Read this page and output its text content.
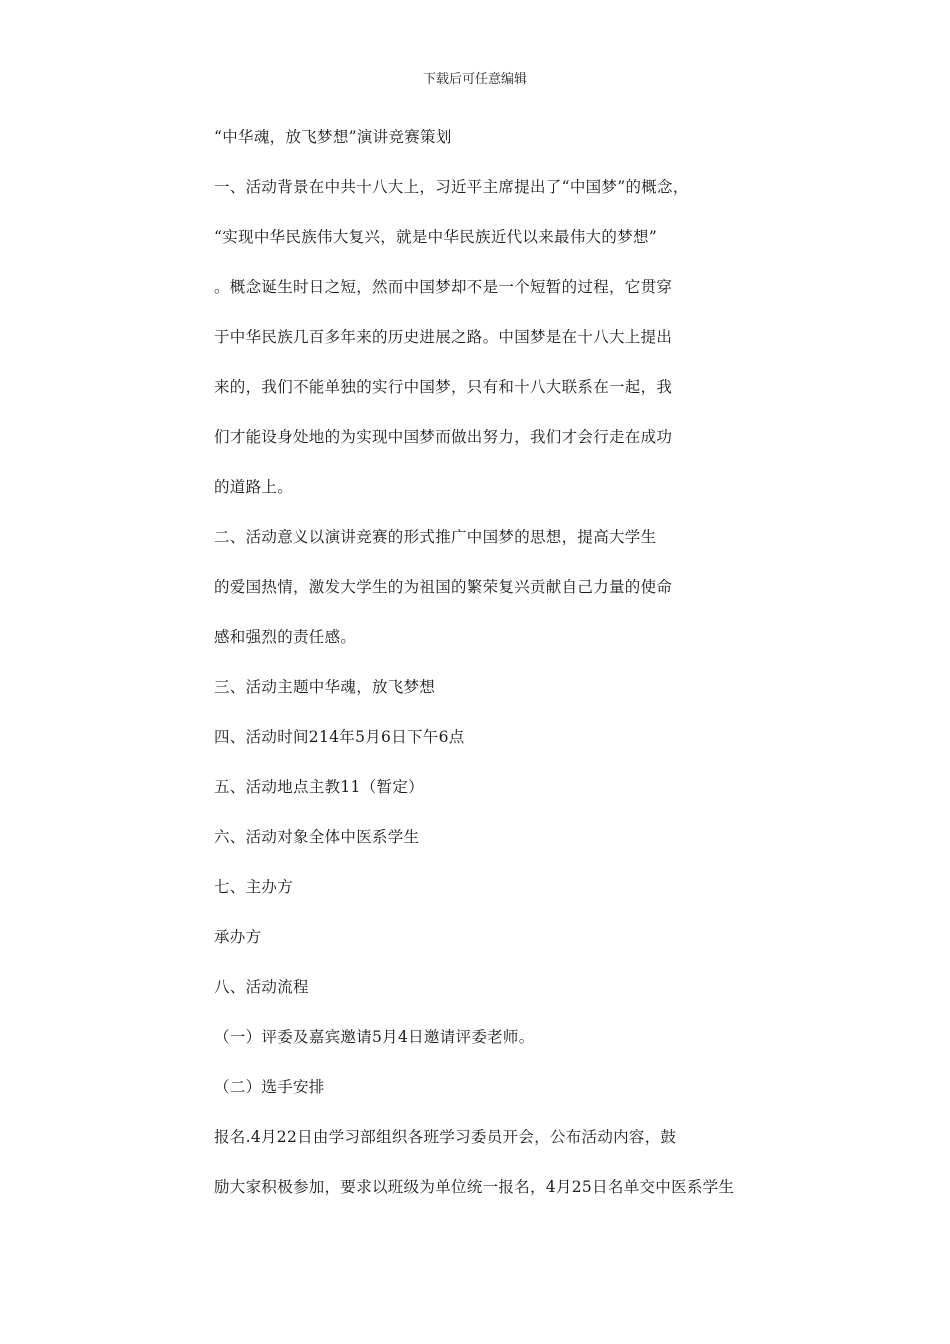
下载后可任意编辑
“中华魂，放飞梦想”演讲竞赛策划
一、活动背景在中共十八大上，习近平主席提出了“中国梦”的概念，
“实现中华民族伟大复兴，就是中华民族近代以来最伟大的梦想”
。概念诞生时日之短，然而中国梦却不是一个短暂的过程，它贯穿
于中华民族几百多年来的历史进展之路。中国梦是在十八大上提出
来的，我们不能单独的实行中国梦，只有和十八大联系在一起，我
们才能设身处地的为实现中国梦而做出努力，我们才会行走在成功
的道路上。
二、活动意义以演讲竞赛的形式推广中国梦的思想，提高大学生
的爱国热情，激发大学生的为祖国的繁荣复兴贡献自己力量的使命
感和强烈的责任感。
三、活动主题中华魂，放飞梦想
四、活动时间214年5月6日下午6点
五、活动地点主教11（暂定）
六、活动对象全体中医系学生
七、主办方
承办方
八、活动流程
（一）评委及嘉宾邀请5月4日邀请评委老师。
（二）选手安排
报名.4月22日由学习部组织各班学习委员开会，公布活动内容，鼓
励大家积极参加，要求以班级为单位统一报名，4月25日名单交中医系学生
